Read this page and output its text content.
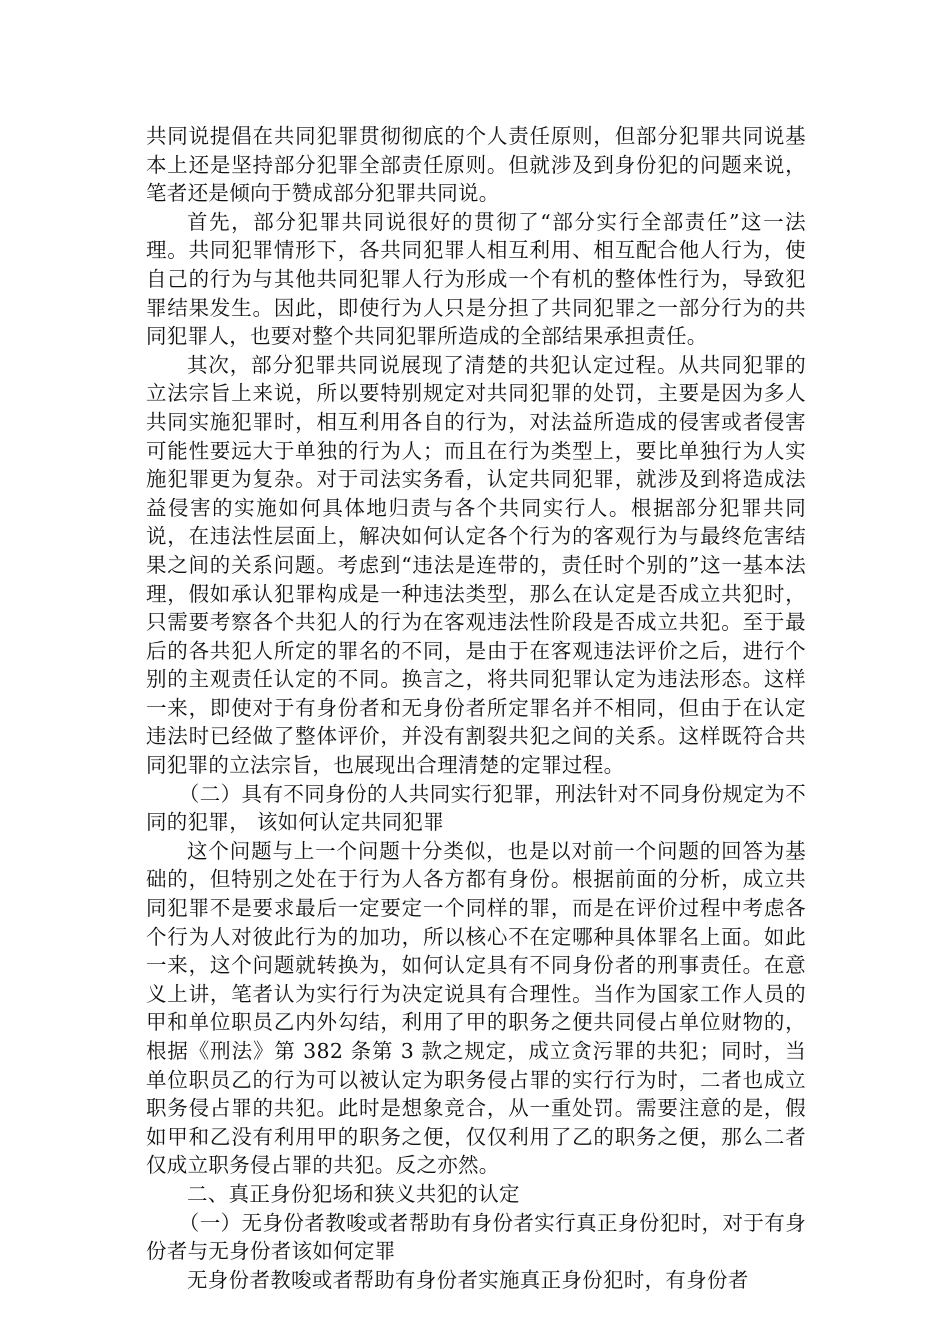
共同说提倡在共同犯罪贯彻彻底的个人责任原则，但部分犯罪共同说基本上还是坚持部分犯罪全部责任原则。但就涉及到身份犯的问题来说，笔者还是倾向于赞成部分犯罪共同说。

首先，部分犯罪共同说很好的贯彻了“部分实行全部责任”这一法理。共同犯罪情形下，各共同犯罪人相互利用、相互配合他人行为，使自己的行为与其他共同犯罪人行为形成一个有机的整体性行为，导致犯罪结果发生。因此，即使行为人只是分担了共同犯罪之一部分行为的共同犯罪人，也要对整个共同犯罪所造成的全部结果承担责任。

其次，部分犯罪共同说展现了清楚的共犯认定过程。从共同犯罪的立法宗旨上来说，所以要特别规定对共同犯罪的处罚，主要是因为多人共同实施犯罪时，相互利用各自的行为，对法益所造成的侵害或者侵害可能性要远大于单独的行为人；而且在行为类型上，要比单独行为人实施犯罪更为复杂。对于司法实务看，认定共同犯罪，就涉及到将造成法益侵害的实施如何具体地归责与各个共同实行人。根据部分犯罪共同说，在违法性层面上，解决如何认定各个行为的客观行为与最终危害结果之间的关系问题。考虑到“违法是连带的，责任时个别的”这一基本法理，假如承认犯罪构成是一种违法类型，那么在认定是否成立共犯时，只需要考察各个共犯人的行为在客观违法性阶段是否成立共犯。至于最后的各共犯人所定的罪名的不同，是由于在客观违法评价之后，进行个别的主观责任认定的不同。换言之，将共同犯罪认定为违法形态。这样一来，即使对于有身份者和无身份者所定罪名并不相同，但由于在认定违法时已经做了整体评价，并没有割裂共犯之间的关系。这样既符合共同犯罪的立法宗旨，也展现出合理清楚的定罪过程。

（二）具有不同身份的人共同实行犯罪，刑法针对不同身份规定为不同的犯罪， 该如何认定共同犯罪

这个问题与上一个问题十分类似，也是以对前一个问题的回答为基础的，但特别之处在于行为人各方都有身份。根据前面的分析，成立共同犯罪不是要求最后一定要定一个同样的罪，而是在评价过程中考虑各个行为人对彼此行为的加功，所以核心不在定哪种具体罪名上面。如此一来，这个问题就转换为，如何认定具有不同身份者的刑事责任。在意义上讲，笔者认为实行行为决定说具有合理性。当作为国家工作人员的甲和单位职员乙内外勾结，利用了甲的职务之便共同侵占单位财物的，根据《刑法》第 382 条第 3 款之规定，成立贪污罪的共犯；同时，当单位职员乙的行为可以被认定为职务侵占罪的实行行为时，二者也成立职务侵占罪的共犯。此时是想象竞合，从一重处罚。需要注意的是，假如甲和乙没有利用甲的职务之便，仅仅利用了乙的职务之便，那么二者仅成立职务侵占罪的共犯。反之亦然。

二、真正身份犯场和狭义共犯的认定

（一）无身份者教唆或者帮助有身份者实行真正身份犯时，对于有身份者与无身份者该如何定罪

无身份者教唆或者帮助有身份者实施真正身份犯时，有身份者
